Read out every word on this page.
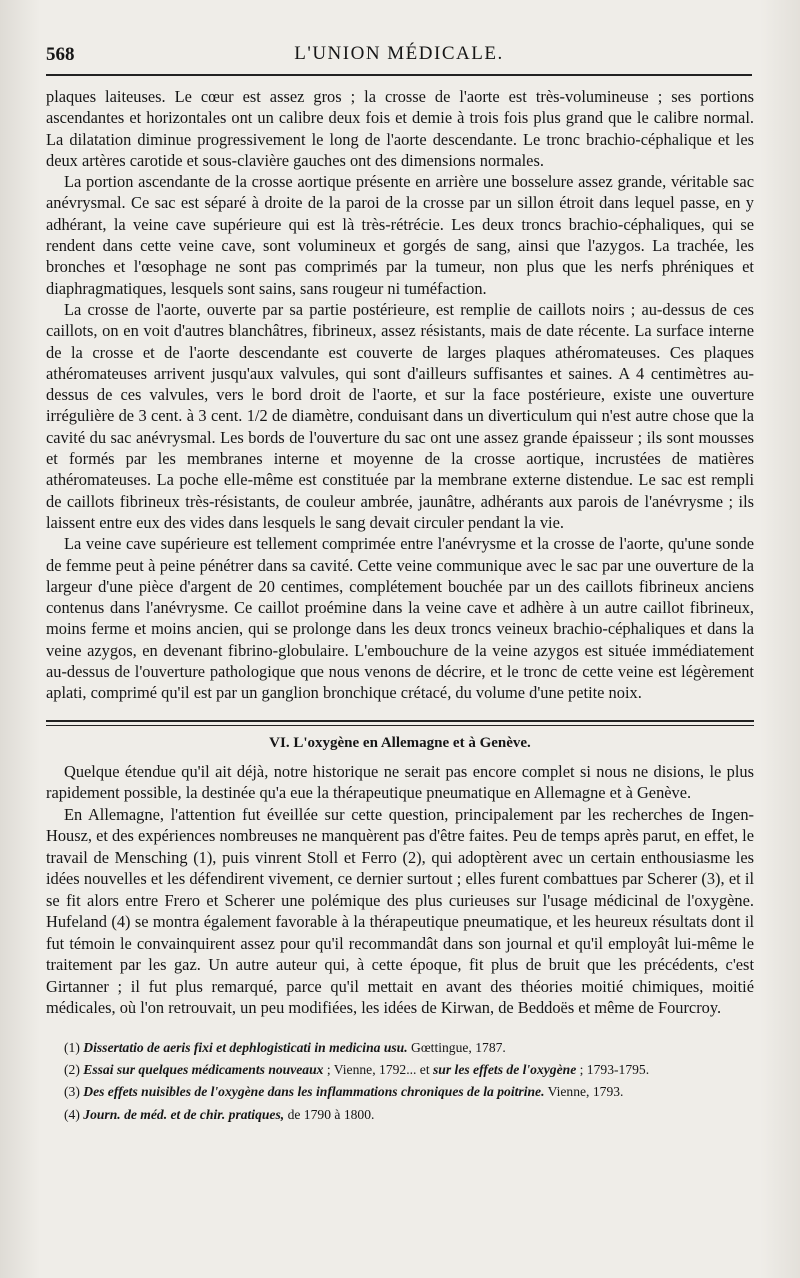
568	L'UNION MÉDICALE.

plaques laiteuses. Le cœur est assez gros ; la crosse de l'aorte est très-volumineuse ; ses portions ascendantes et horizontales ont un calibre deux fois et demie à trois fois plus grand que le calibre normal. La dilatation diminue progressivement le long de l'aorte descendante. Le tronc brachio-céphalique et les deux artères carotide et sous-clavière gauches ont des dimensions normales.

La portion ascendante de la crosse aortique présente en arrière une bosselure assez grande, véritable sac anévrysmal. Ce sac est séparé à droite de la paroi de la crosse par un sillon étroit dans lequel passe, en y adhérant, la veine cave supérieure qui est là très-rétrécie. Les deux troncs brachio-céphaliques, qui se rendent dans cette veine cave, sont volumineux et gorgés de sang, ainsi que l'azygos. La trachée, les bronches et l'œsophage ne sont pas comprimés par la tumeur, non plus que les nerfs phréniques et diaphragmatiques, lesquels sont sains, sans rougeur ni tuméfaction.

La crosse de l'aorte, ouverte par sa partie postérieure, est remplie de caillots noirs ; au-dessus de ces caillots, on en voit d'autres blanchâtres, fibrineux, assez résistants, mais de date récente. La surface interne de la crosse et de l'aorte descendante est couverte de larges plaques athéromateuses. Ces plaques athéromateuses arrivent jusqu'aux valvules, qui sont d'ailleurs suffisantes et saines. A 4 centimètres au-dessus de ces valvules, vers le bord droit de l'aorte, et sur la face postérieure, existe une ouverture irrégulière de 3 cent. à 3 cent. 1/2 de diamètre, conduisant dans un diverticulum qui n'est autre chose que la cavité du sac anévrysmal. Les bords de l'ouverture du sac ont une assez grande épaisseur ; ils sont mousses et formés par les membranes interne et moyenne de la crosse aortique, incrustées de matières athéromateuses. La poche elle-même est constituée par la membrane externe distendue. Le sac est rempli de caillots fibrineux très-résistants, de couleur ambrée, jaunâtre, adhérants aux parois de l'anévrysme ; ils laissent entre eux des vides dans lesquels le sang devait circuler pendant la vie.

La veine cave supérieure est tellement comprimée entre l'anévrysme et la crosse de l'aorte, qu'une sonde de femme peut à peine pénétrer dans sa cavité. Cette veine communique avec le sac par une ouverture de la largeur d'une pièce d'argent de 20 centimes, complétement bouchée par un des caillots fibrineux anciens contenus dans l'anévrysme. Ce caillot proémine dans la veine cave et adhère à un autre caillot fibrineux, moins ferme et moins ancien, qui se prolonge dans les deux troncs veineux brachio-céphaliques et dans la veine azygos, en devenant fibrino-globulaire. L'embouchure de la veine azygos est située immédiatement au-dessus de l'ouverture pathologique que nous venons de décrire, et le tronc de cette veine est légèrement aplati, comprimé qu'il est par un ganglion bronchique crétacé, du volume d'une petite noix.

VI. L'oxygène en Allemagne et à Genève.

Quelque étendue qu'il ait déjà, notre historique ne serait pas encore complet si nous ne disions, le plus rapidement possible, la destinée qu'a eue la thérapeutique pneumatique en Allemagne et à Genève.

En Allemagne, l'attention fut éveillée sur cette question, principalement par les recherches de Ingen-Housz, et des expériences nombreuses ne manquèrent pas d'être faites. Peu de temps après parut, en effet, le travail de Mensching (1), puis vinrent Stoll et Ferro (2), qui adoptèrent avec un certain enthousiasme les idées nouvelles et les défendirent vivement, ce dernier surtout ; elles furent combattues par Scherer (3), et il se fit alors entre Frero et Scherer une polémique des plus curieuses sur l'usage médicinal de l'oxygène. Hufeland (4) se montra également favorable à la thérapeutique pneumatique, et les heureux résultats dont il fut témoin le convainquirent assez pour qu'il recommandât dans son journal et qu'il employât lui-même le traitement par les gaz. Un autre auteur qui, à cette époque, fit plus de bruit que les précédents, c'est Girtanner ; il fut plus remarqué, parce qu'il mettait en avant des théories moitié chimiques, moitié médicales, où l'on retrouvait, un peu modifiées, les idées de Kirwan, de Beddoës et même de Fourcroy.

(1) Dissertatio de aeris fixi et dephlogisticati in medicina usu. Gœttingue, 1787.
(2) Essai sur quelques médicaments nouveaux ; Vienne, 1792... et sur les effets de l'oxygène ; 1793-1795.
(3) Des effets nuisibles de l'oxygène dans les inflammations chroniques de la poitrine. Vienne, 1793.
(4) Journ. de méd. et de chir. pratiques, de 1790 à 1800.
